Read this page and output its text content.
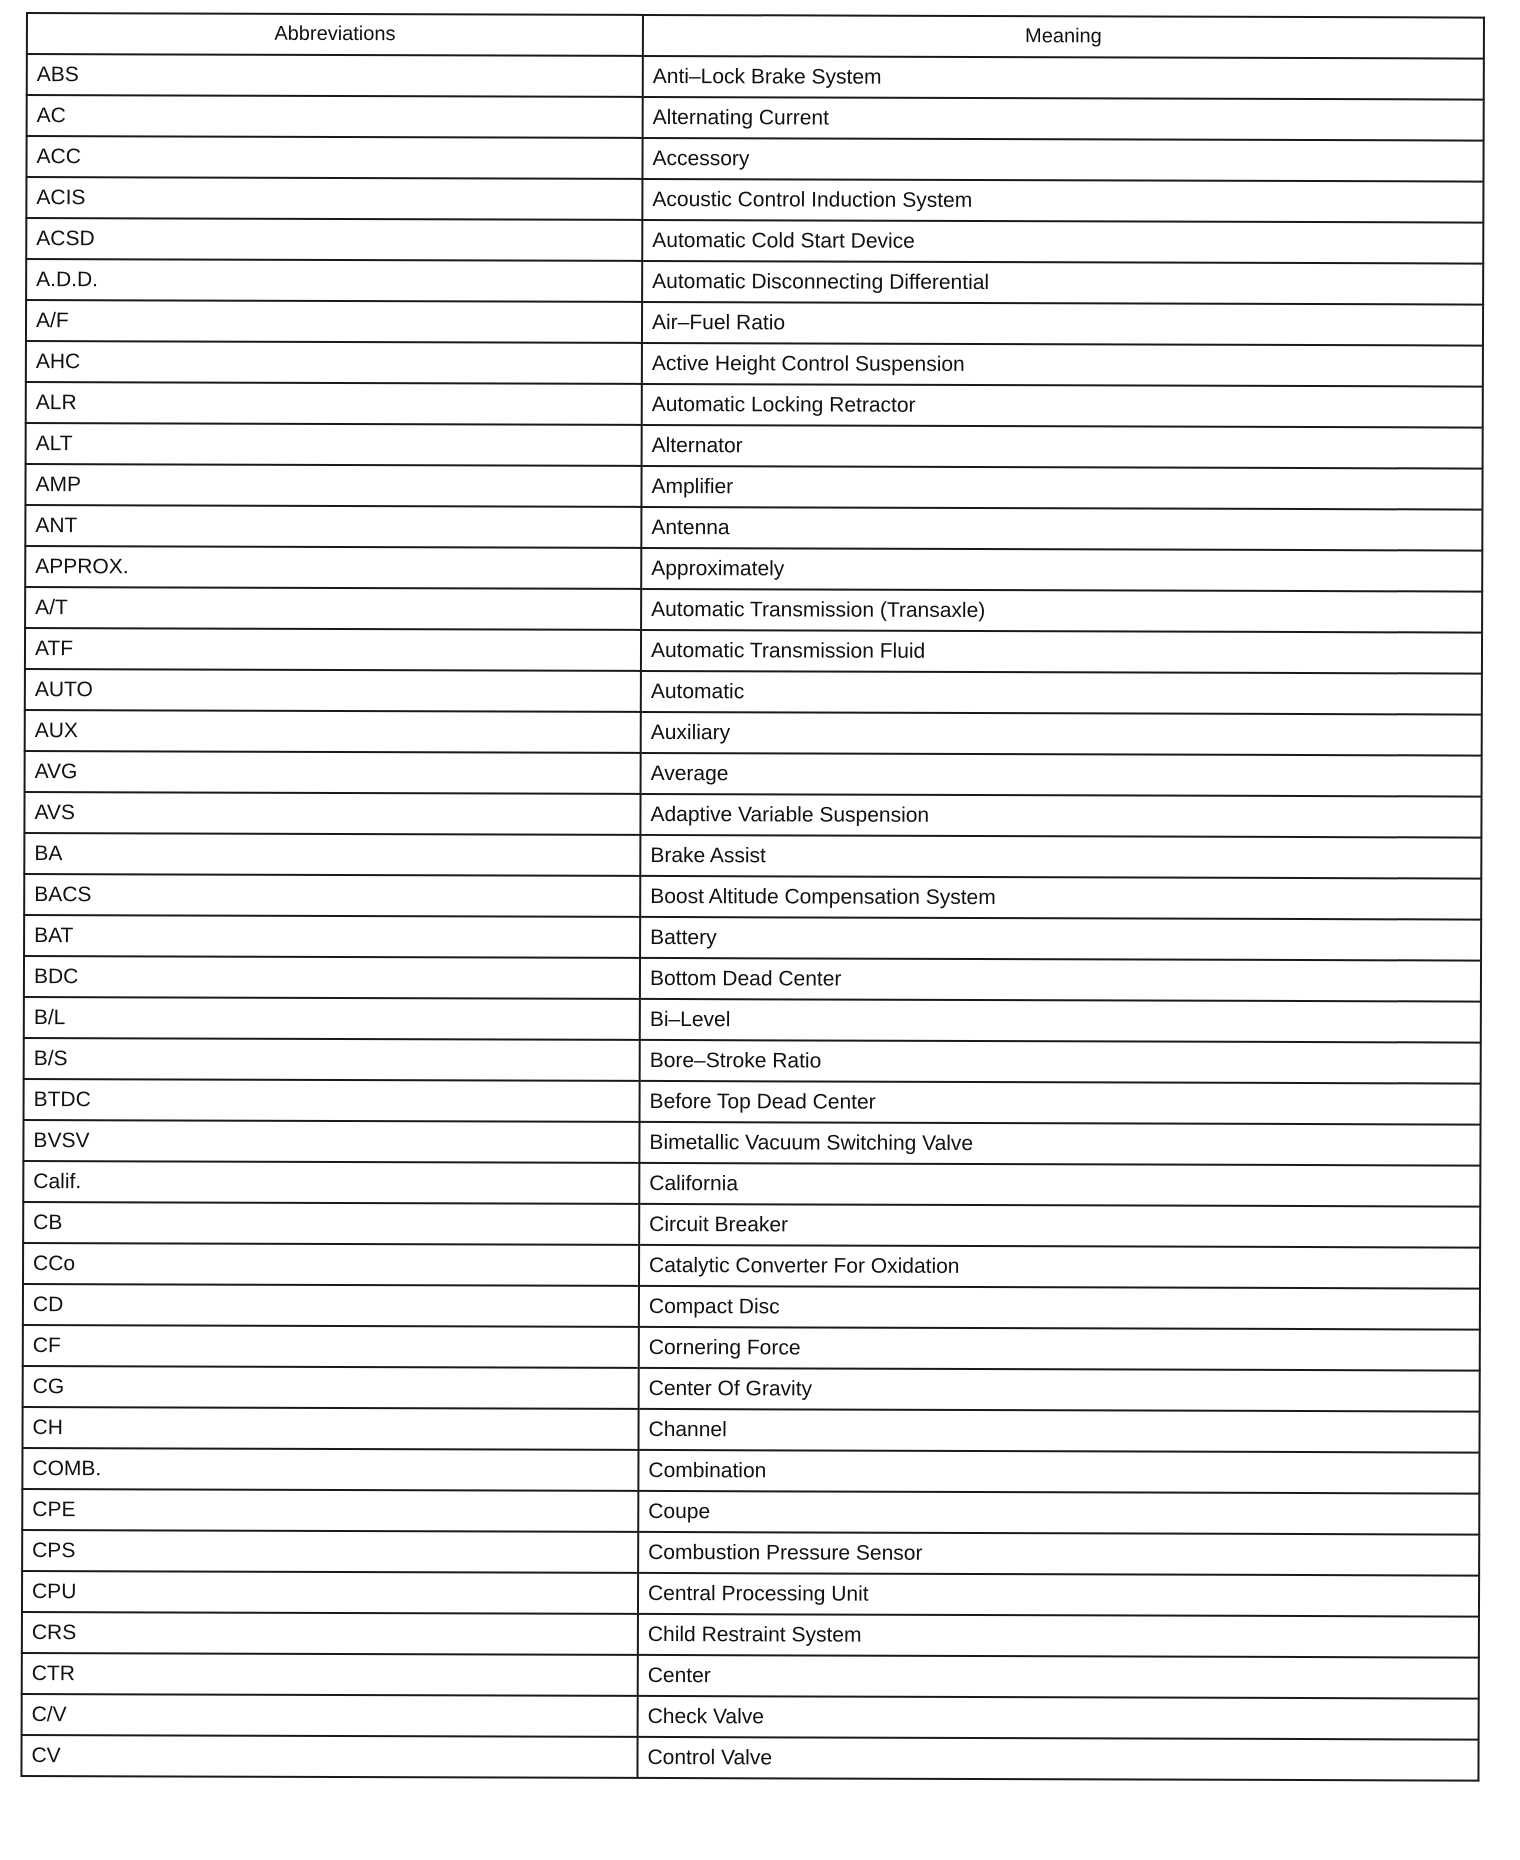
Abbreviations	Meaning
ABS	Anti–Lock Brake System
AC	Alternating Current
ACC	Accessory
ACIS	Acoustic Control Induction System
ACSD	Automatic Cold Start Device
A.D.D.	Automatic Disconnecting Differential
A/F	Air–Fuel Ratio
AHC	Active Height Control Suspension
ALR	Automatic Locking Retractor
ALT	Alternator
AMP	Amplifier
ANT	Antenna
APPROX.	Approximately
A/T	Automatic Transmission (Transaxle)
ATF	Automatic Transmission Fluid
AUTO	Automatic
AUX	Auxiliary
AVG	Average
AVS	Adaptive Variable Suspension
BA	Brake Assist
BACS	Boost Altitude Compensation System
BAT	Battery
BDC	Bottom Dead Center
B/L	Bi–Level
B/S	Bore–Stroke Ratio
BTDC	Before Top Dead Center
BVSV	Bimetallic Vacuum Switching Valve
Calif.	California
CB	Circuit Breaker
CCo	Catalytic Converter For Oxidation
CD	Compact Disc
CF	Cornering Force
CG	Center Of Gravity
CH	Channel
COMB.	Combination
CPE	Coupe
CPS	Combustion Pressure Sensor
CPU	Central Processing Unit
CRS	Child Restraint System
CTR	Center
C/V	Check Valve
CV	Control Valve
